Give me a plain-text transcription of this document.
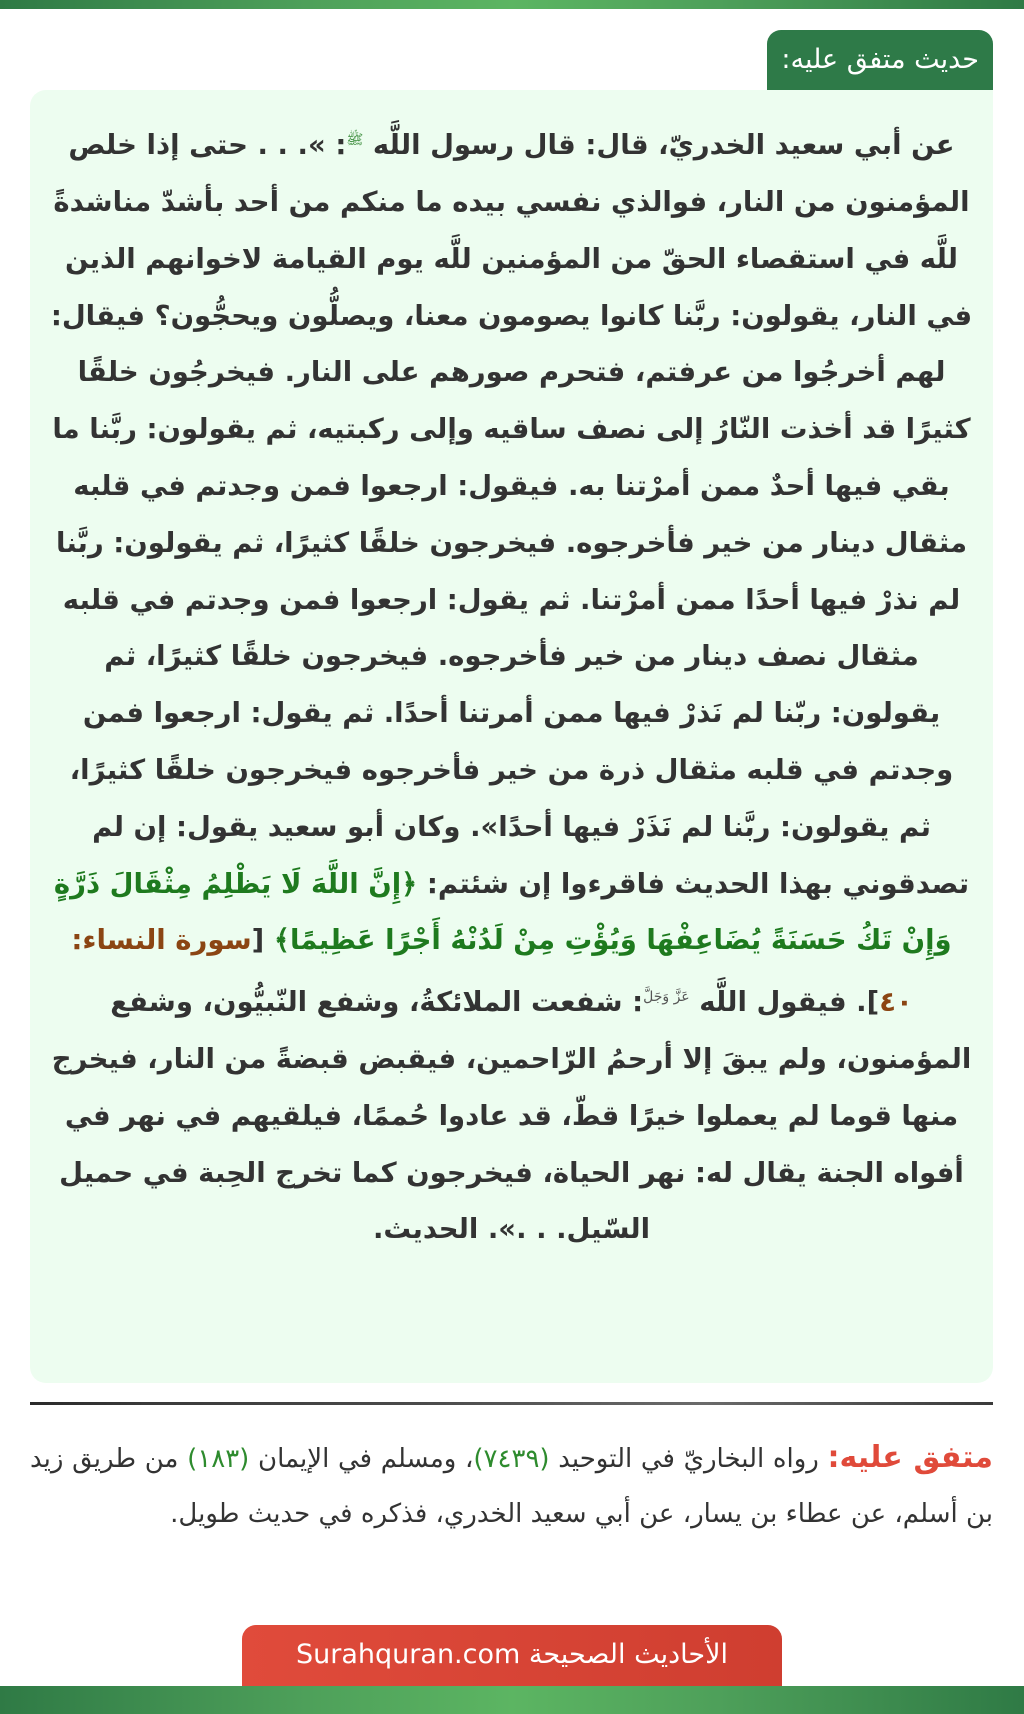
حديث متفق عليه:

عن أبي سعيد الخدريّ، قال: قال رسول اللَّه $^ﷺ$: ». . . حتى إذا خلص المؤمنون من النار، فوالذي نفسي بيده ما منكم من أحد بأشدّ مناشدةً للَّه في استقصاء الحقّ من المؤمنين للَّه يوم القيامة لاخوانهم الذين في النار، يقولون: ربَّنا كانوا يصومون معنا، ويصلُّون ويحجُّون؟ فيقال: لهم أخرجُوا من عرفتم، فتحرم صورهم على النار. فيخرجُون خلقًا كثيرًا قد أخذت النّارُ إلى نصف ساقيه وإلى ركبتيه، ثم يقولون: ربَّنا ما بقي فيها أحدٌ ممن أمرْتنا به. فيقول: ارجعوا فمن وجدتم في قلبه مثقال دينار من خير فأخرجوه. فيخرجون خلقًا كثيرًا، ثم يقولون: ربَّنا لم نذرْ فيها أحدًا ممن أمرْتنا. ثم يقول: ارجعوا فمن وجدتم في قلبه مثقال نصف دينار من خير فأخرجوه. فيخرجون خلقًا كثيرًا، ثم يقولون: ربّنا لم نَذرْ فيها ممن أمرتنا أحدًا. ثم يقول: ارجعوا فمن وجدتم في قلبه مثقال ذرة من خير فأخرجوه فيخرجون خلقًا كثيرًا، ثم يقولون: ربَّنا لم نَذَرْ فيها أحدًا». وكان أبو سعيد يقول: إن لم تصدقوني بهذا الحديث فاقرءوا إن شئتم: ﴿إِنَّ اللَّهَ لَا يَظْلِمُ مِثْقَالَ ذَرَّةٍ وَإِنْ تَكُ حَسَنَةً يُضَاعِفْهَا وَيُؤْتِ مِنْ لَدُنْهُ أَجْرًا عَظِيمًا﴾ [سورة النساء: ٤٠]. فيقول اللَّه $^{عَزَّ وَجَلَّ}$: شفعت الملائكةُ، وشفع النّبيُّون، وشفع المؤمنون، ولم يبقَ إلا أرحمُ الرّاحمين، فيقبض قبضةً من النار، فيخرج منها قوما لم يعملوا خيرًا قطّ، قد عادوا حُممًا، فيلقيهم في نهر في أفواه الجنة يقال له: نهر الحياة، فيخرجون كما تخرج الحِبة في حميل السّيل. . .». الحديث.

متفق عليه: رواه البخاريّ في التوحيد (٧٤٣٩)، ومسلم في الإيمان (١٨٣) من طريق زيد بن أسلم، عن عطاء بن يسار، عن أبي سعيد الخدري، فذكره في حديث طويل.

الأحاديث الصحيحة Surahquran.com
